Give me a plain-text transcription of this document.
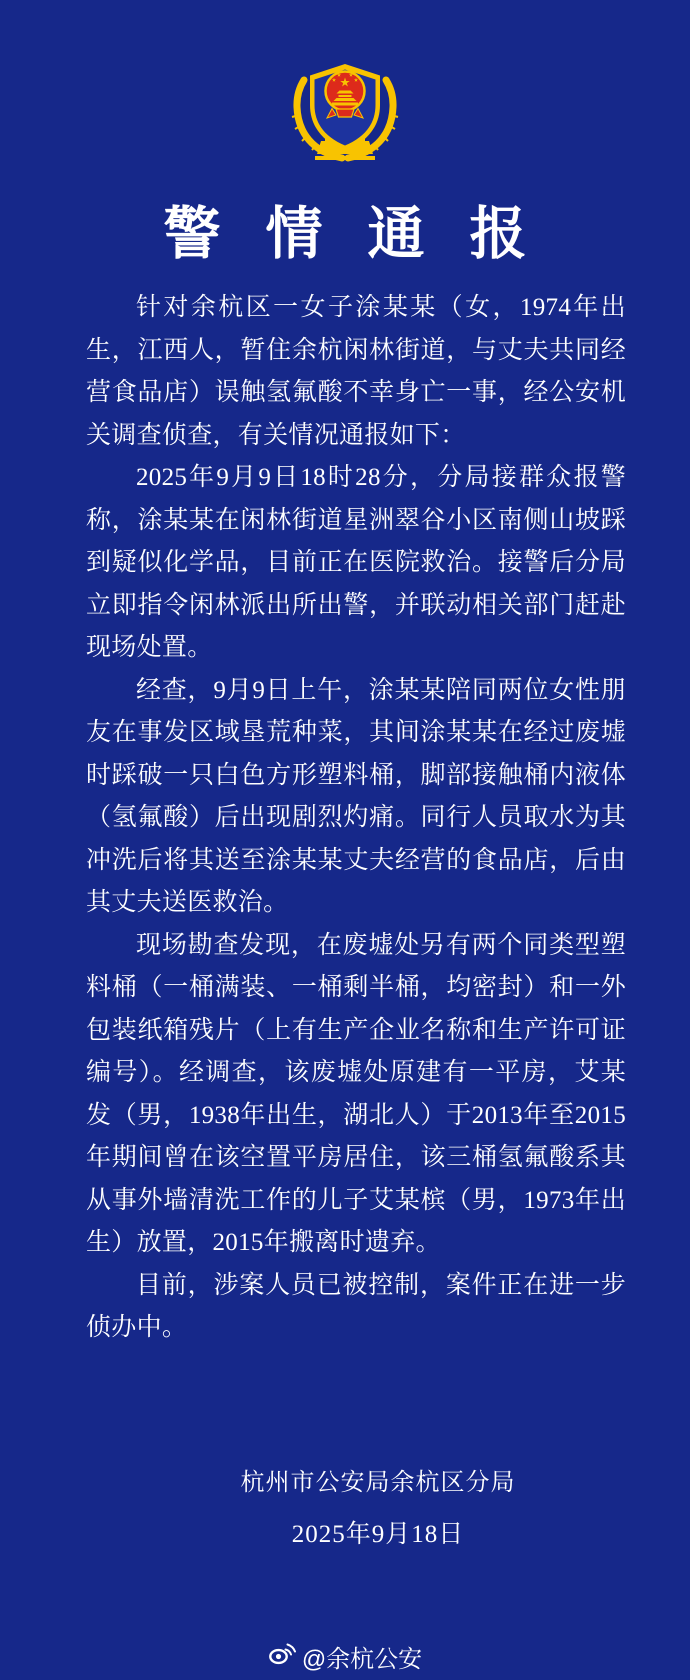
警情通报

针对余杭区一女子涂某某（女，1974年出生，江西人，暂住余杭闲林街道，与丈夫共同经营食品店）误触氢氟酸不幸身亡一事，经公安机关调查侦查，有关情况通报如下：

2025年9月9日18时28分，分局接群众报警称，涂某某在闲林街道星洲翠谷小区南侧山坡踩到疑似化学品，目前正在医院救治。接警后分局立即指令闲林派出所出警，并联动相关部门赶赴现场处置。

经查，9月9日上午，涂某某陪同两位女性朋友在事发区域垦荒种菜，其间涂某某在经过废墟时踩破一只白色方形塑料桶，脚部接触桶内液体（氢氟酸）后出现剧烈灼痛。同行人员取水为其冲洗后将其送至涂某某丈夫经营的食品店，后由其丈夫送医救治。

现场勘查发现，在废墟处另有两个同类型塑料桶（一桶满装、一桶剩半桶，均密封）和一外包装纸箱残片（上有生产企业名称和生产许可证编号）。经调查，该废墟处原建有一平房，艾某发（男，1938年出生，湖北人）于2013年至2015年期间曾在该空置平房居住，该三桶氢氟酸系其从事外墙清洗工作的儿子艾某槟（男，1973年出生）放置，2015年搬离时遗弃。

目前，涉案人员已被控制，案件正在进一步侦办中。

杭州市公安局余杭区分局
2025年9月18日
@余杭公安
